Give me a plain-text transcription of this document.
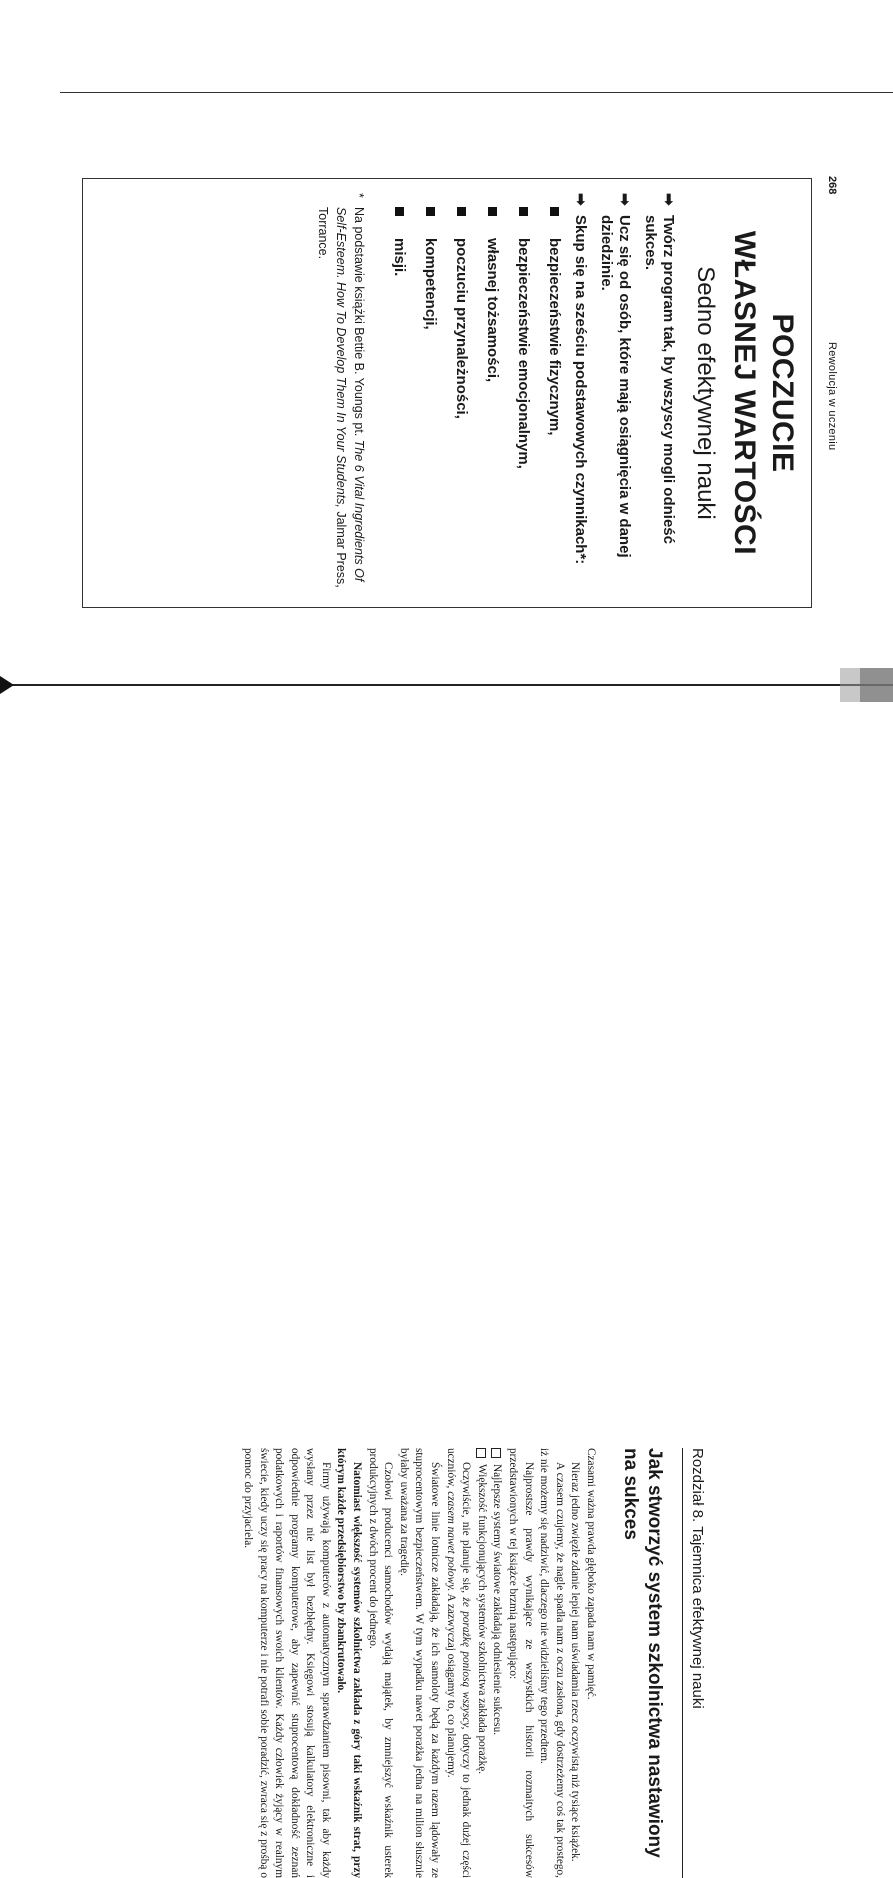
268
Rewolucja w uczeniu
POCZUCIE
WŁASNEJ WARTOŚCI
Sedno efektywnej nauki
➡
Twórz program tak, by wszyscy mogli odnieść sukces.
➡
Ucz się od osób, które mają osiągnięcia w danej dziedzinie.
➡
Skup się na sześciu podstawowych czynnikach*:
bezpieczeństwie fizycznym,
bezpieczeństwie emocjonalnym,
własnej tożsamości,
poczuciu przynależności,
kompetencji,
misji.
*
Na podstawie książki Bettie B. Youngs pt. The 6 Vital Ingredients Of Self-Esteem. How To Develop Them In Your Students, Jalmar Press, Torrance.
Rozdział 8. Tajemnica efektywnej nauki
Jak stworzyć system szkolnictwa nastawiony na sukces

Czasami ważna prawda głęboko zapada nam w pamięć.

Nieraz jedno zwięzłe zdanie lepiej nam uświadamia rzecz oczywistą niż tysiące książek.

A czasem czujemy, że nagle spadła nam z oczu zasłona, gdy dostrzeżemy coś tak prostego, iż nie możemy się nadziwić, dlaczego nie widzieliśmy tego przedtem.

Najprostsze prawdy wynikające ze wszystkich historii rozmaitych sukcesów przedstawionych w tej książce brzmią następująco:

Najlepsze systemy światowe zakładają odniesienie sukcesu.
Większość funkcjonujących systemów szkolnictwa zakłada porażkę.

Oczywiście, nie planuje się, że porażkę poniosą wszyscy, dotyczy to jednak dużej części uczniów, czasem nawet połowy. A zazwyczaj osiągamy to, co planujemy.

Światowe linie lotnicze zakładają, że ich samoloty będą za każdym razem lądowały ze stuprocentowym bezpieczeństwem. W tym wypadku nawet porażka jedna na milion słusznie byłaby uważana za tragedię.

Czołowi producenci samochodów wydają majątek, by zmniejszyć wskaźnik usterek produkcyjnych z dwóch procent do jednego.

Natomiast większość systemów szkolnictwa zakłada z góry taki wskaźnik strat, przy którym każde przedsiębiorstwo by zbankrutowało.

Firmy używają komputerów z automatycznym sprawdzaniem pisowni, tak aby każdy wysłany przez nie list był bezbłędny. Księgowi stosują kalkulatory elektroniczne i odpowiednie programy komputerowe, aby zapewnić stuprocentową dokładność zeznań podatkowych i raportów finansowych swoich klientów. Każdy człowiek żyjący w realnym świecie, kiedy uczy się pracy na komputerze i nie potrafi sobie poradzić, zwraca się z prośbą o pomoc do przyjaciela.
